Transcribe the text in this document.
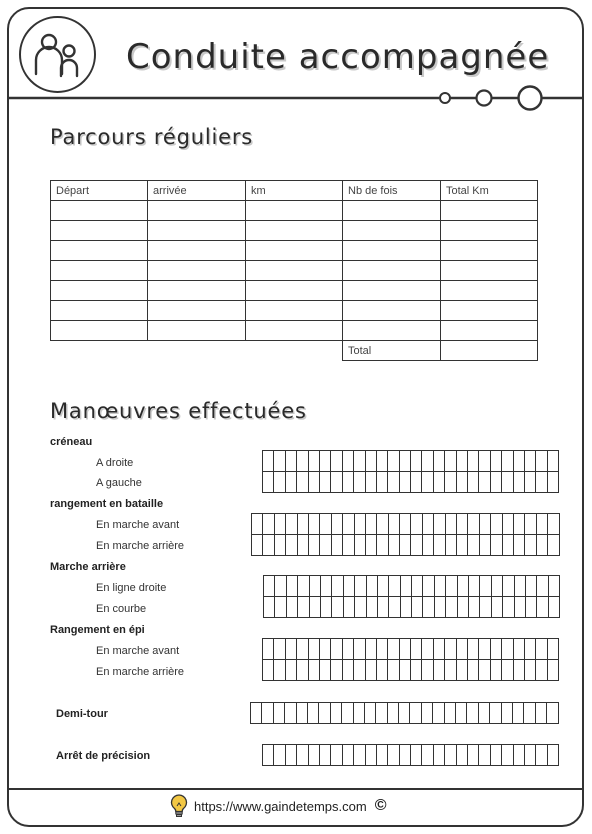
Conduite accompagnée
Parcours réguliers
Départ	arrivée	km	Nb de fois	Total Km

			Total	
Manœuvres effectuées
créneau
A droite
A gauche

rangement en bataille
En marche avant
En marche arrière

Marche arrière
En ligne droite
En courbe

Rangement en épi
En marche avant
En marche arrière

Demi-tour

Arrêt de précision

https://www.gaindetemps.com ©
